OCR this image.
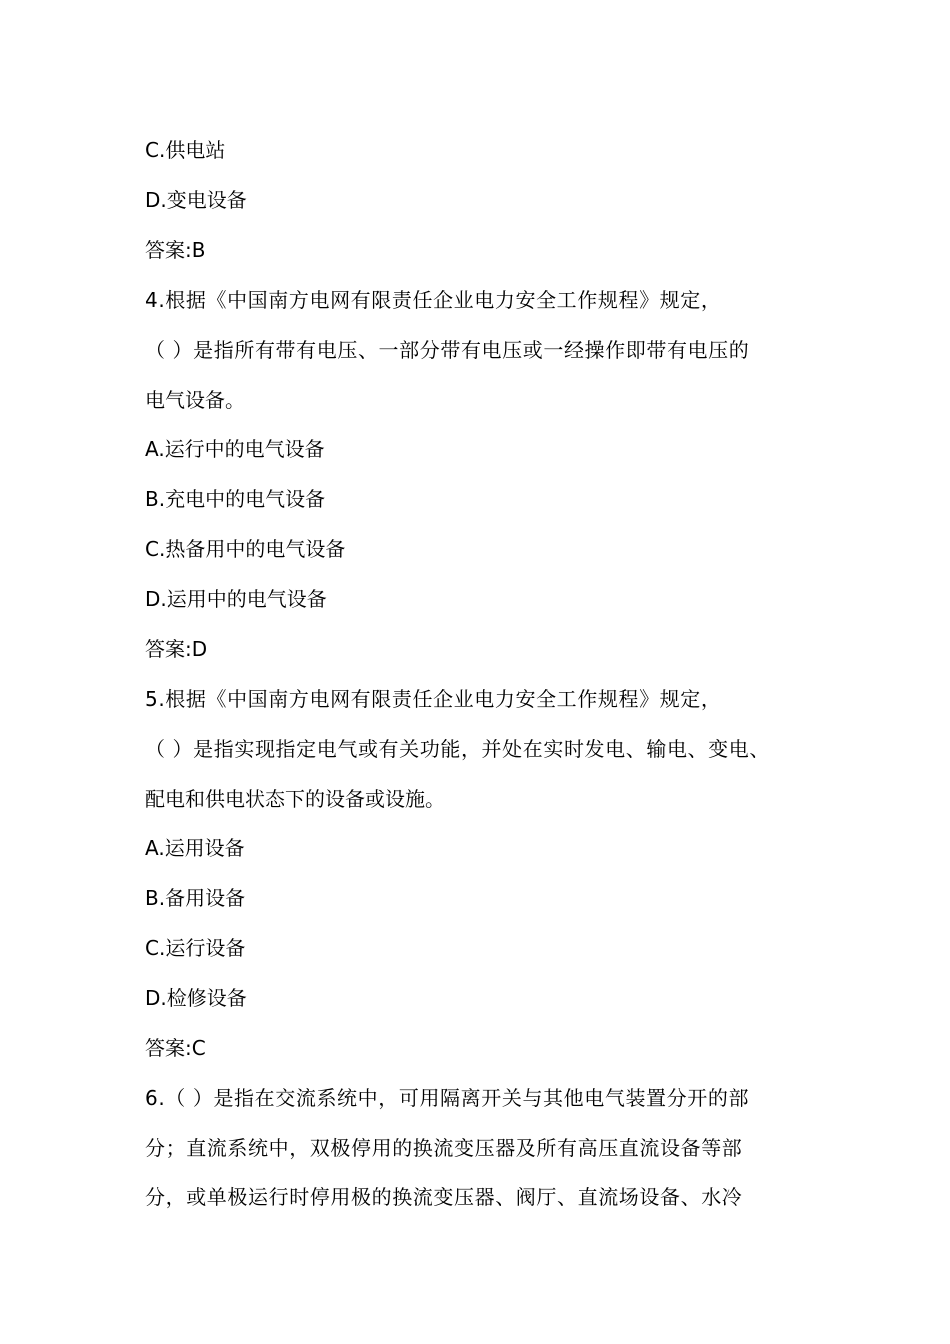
C.供电站
D.变电设备
答案:B
4.根据《中国南方电网有限责任企业电力安全工作规程》规定，
（ ）是指所有带有电压、一部分带有电压或一经操作即带有电压的
电气设备。
A.运行中的电气设备
B.充电中的电气设备
C.热备用中的电气设备
D.运用中的电气设备
答案:D
5.根据《中国南方电网有限责任企业电力安全工作规程》规定，
（ ）是指实现指定电气或有关功能，并处在实时发电、输电、变电、
配电和供电状态下的设备或设施。
A.运用设备
B.备用设备
C.运行设备
D.检修设备
答案:C
6.（ ）是指在交流系统中，可用隔离开关与其他电气装置分开的部
分；直流系统中，双极停用的换流变压器及所有高压直流设备等部
分，或单极运行时停用极的换流变压器、阀厅、直流场设备、水冷
